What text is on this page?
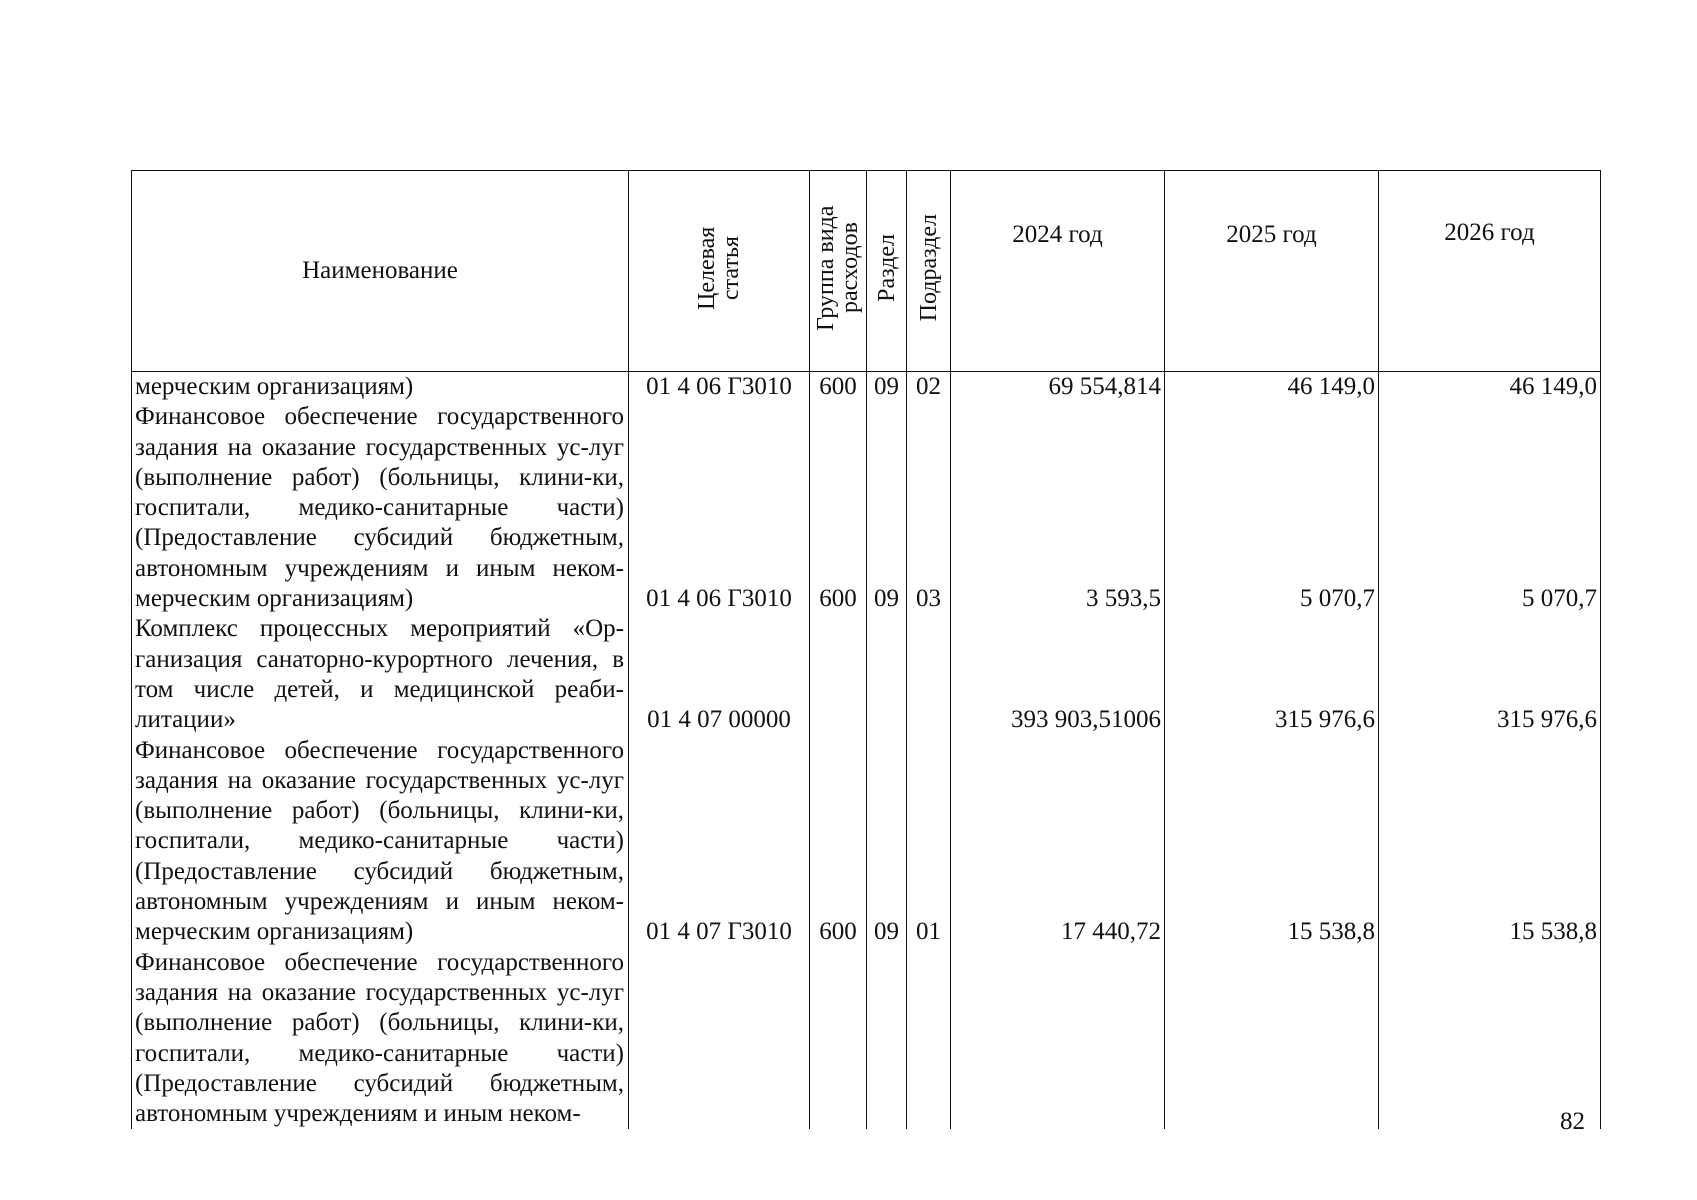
Наименование	Целевая статья	Группа вида расходов	Раздел	Подраздел	2024 год	2025 год	2026 год
мерческим организациям)	01 4 06 Г3010	600	09	02	69 554,814	46 149,0	46 149,0
Финансовое обеспечение государственного задания на оказание государственных ус-луг (выполнение работ) (больницы, клини-ки, госпитали, медико-санитарные части) (Предоставление субсидий бюджетным, автономным учреждениям и иным неком-мерческим организациям)	01 4 06 Г3010	600	09	03	3 593,5	5 070,7	5 070,7
Комплекс процессных мероприятий «Ор-ганизация санаторно-курортного лечения, в том числе детей, и медицинской реаби-литации»	01 4 07 00000				393 903,51006	315 976,6	315 976,6
Финансовое обеспечение государственного задания на оказание государственных ус-луг (выполнение работ) (больницы, клини-ки, госпитали, медико-санитарные части) (Предоставление субсидий бюджетным, автономным учреждениям и иным неком-мерческим организациям)	01 4 07 Г3010	600	09	01	17 440,72	15 538,8	15 538,8
Финансовое обеспечение государственного задания на оказание государственных ус-луг (выполнение работ) (больницы, клини-ки, госпитали, медико-санитарные части) (Предоставление субсидий бюджетным, автономным учреждениям и иным неком-								82
